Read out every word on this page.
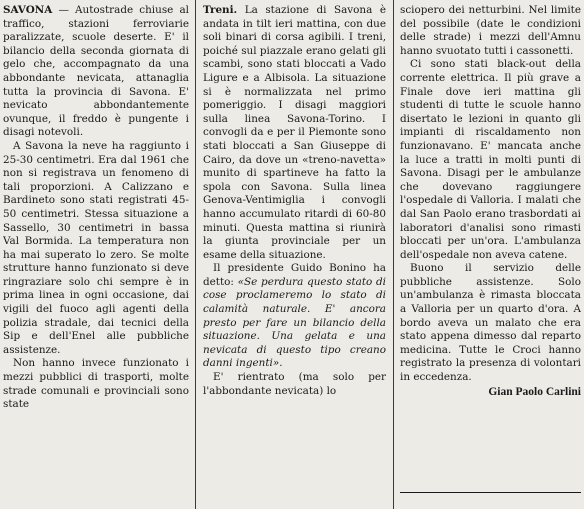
SAVONA — Autostrade chiuse al traffico, stazioni ferroviarie paralizzate, scuole deserte. E' il bilancio della seconda giornata di gelo che, accompagnato da una abbondante nevicata, attanaglia tutta la provincia di Savona. E' nevicato abbondantemente ovunque, il freddo è pungente i disagi notevoli.

A Savona la neve ha raggiunto i 25-30 centimetri. Era dal 1961 che non si registrava un fenomeno di tali proporzioni. A Calizzano e Bardineto sono stati registrati 45-50 centimetri. Stessa situazione a Sassello, 30 centimetri in bassa Val Bormida. La temperatura non ha mai superato lo zero. Se molte strutture hanno funzionato si deve ringraziare solo chi sempre è in prima linea in ogni occasione, dai vigili del fuoco agli agenti della polizia stradale, dai tecnici della Sip e dell'Enel alle pubbliche assistenze.

Non hanno invece funzionato i mezzi pubblici di trasporti, molte strade comunali e provinciali sono state

Treni. La stazione di Savona è andata in tilt ieri mattina, con due soli binari di corsa agibili. I treni, poiché sul piazzale erano gelati gli scambi, sono stati bloccati a Vado Ligure e a Albisola. La situazione si è normalizzata nel primo pomeriggio. I disagi maggiori sulla linea Savona-Torino. I convogli da e per il Piemonte sono stati bloccati a San Giuseppe di Cairo, da dove un «treno-navetta» munito di spartineve ha fatto la spola con Savona. Sulla linea Genova-Ventimiglia i convogli hanno accumulato ritardi di 60-80 minuti. Questa mattina si riunirà la giunta provinciale per un esame della situazione.

Il presidente Guido Bonino ha detto: «Se perdura questo stato di cose proclameremo lo stato di calamità naturale. E' ancora presto per fare un bilancio della situazione. Una gelata e una nevicata di questo tipo creano danni ingenti».

E' rientrato (ma solo per l'abbondante nevicata) lo

sciopero dei netturbini. Nel limite del possibile (date le condizioni delle strade) i mezzi dell'Amnu hanno svuotato tutti i cassonetti.

Ci sono stati black-out della corrente elettrica. Il più grave a Finale dove ieri mattina gli studenti di tutte le scuole hanno disertato le lezioni in quanto gli impianti di riscaldamento non funzionavano. E' mancata anche la luce a tratti in molti punti di Savona. Disagi per le ambulanze che dovevano raggiungere l'ospedale di Valloria. I malati che dal San Paolo erano trasbordati ai laboratori d'analisi sono rimasti bloccati per un'ora. L'ambulanza dell'ospedale non aveva catene.

Buono il servizio delle pubbliche assistenze. Solo un'ambulanza è rimasta bloccata a Valloria per un quarto d'ora. A bordo aveva un malato che era stato appena dimesso dal reparto medicina. Tutte le Croci hanno registrato la presenza di volontari in eccedenza.

Gian Paolo Carlini
